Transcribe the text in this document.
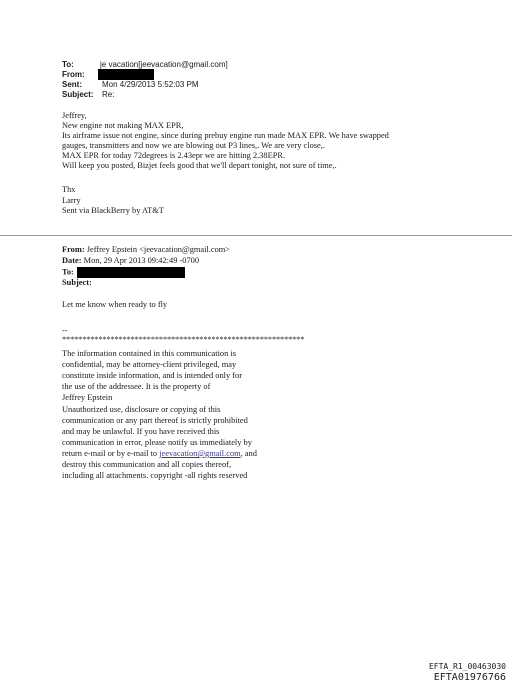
To:	je vacation[jeevacation@gmail.com]
From:
Sent:	Mon 4/29/2013 5:52:03 PM
Subject: Re:
Jeffrey,
New engine not making MAX EPR,
Its airframe issue not engine, since during prebuy engine run made MAX EPR. We have swapped
gauges, transmitters and now we are blowing out P3 lines,. We are very close,.
MAX EPR for today 72degrees is 2.43epr we are hitting 2.38EPR.
Will keep you posted, Bizjet feels good that we'll depart tonight, not sure of time,.
Thx
Larry
Sent via BlackBerry by AT&T
From: Jeffrey Epstein <jeevacation@gmail.com>
Date: Mon, 29 Apr 2013 09:42:49 -0700
To:
Subject:
Let me know when ready to fly
--
************************************************************
The information contained in this communication is
confidential, may be attorney-client privileged, may
constitute inside information, and is intended only for
the use of the addressee. It is the property of
Jeffrey Epstein
Unauthorized use, disclosure or copying of this
communication or any part thereof is strictly prohibited
and may be unlawful. If you have received this
communication in error, please notify us immediately by
return e-mail or by e-mail to jeevacation@gmail.com, and
destroy this communication and all copies thereof,
including all attachments. copyright -all rights reserved
EFTA_R1_00463030
EFTA01976766
